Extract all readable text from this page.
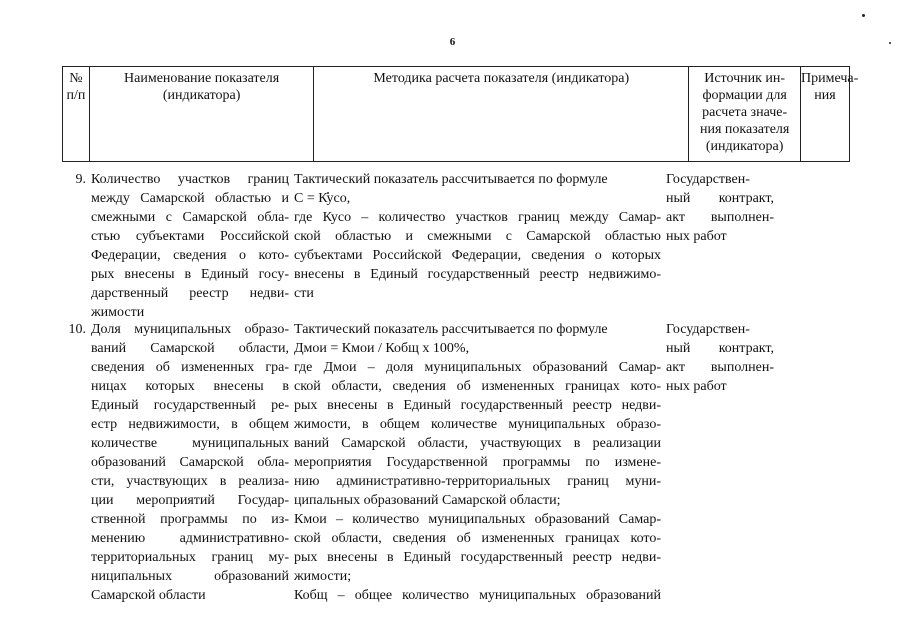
6
№
п/п
Наименование показателя
(индикатора)
Методика расчета показателя (индикатора)	Источник ин-
формации для
расчета значе-
ния показателя
(индикатора)
Примеча-
ния
9. Количество участков границ
между Самарской областью и
смежными с Самарской обла-
стью субъектами Российской
Федерации, сведения о кото-
рых внесены в Единый госу-
дарственный реестр недви-
жимости
Тактический показатель рассчитывается по формуле
С = Кусо,
где Кусо – количество участков границ между Самар-
ской областью и смежными с Самарской областью
субъектами Российской Федерации, сведения о которых
внесены в Единый государственный реестр недвижимо-
сти
Государствен-
ный контракт,
акт выполнен-
ных работ
10. Доля муниципальных образо-
ваний Самарской области,
сведения об измененных гра-
ницах которых внесены в
Единый государственный ре-
естр недвижимости, в общем
количестве муниципальных
образований Самарской обла-
сти, участвующих в реализа-
ции мероприятий Государ-
ственной программы по из-
менению административно-
территориальных границ му-
ниципальных образований
Самарской области
Тактический показатель рассчитывается по формуле
Дмои = Кмои / Кобщ х 100%,
где Дмои – доля муниципальных образований Самар-
ской области, сведения об измененных границах кото-
рых внесены в Единый государственный реестр недви-
жимости, в общем количестве муниципальных образо-
ваний Самарской области, участвующих в реализации
мероприятия Государственной программы по измене-
нию административно-территориальных границ муни-
ципальных образований Самарской области;
Кмои – количество муниципальных образований Самар-
ской области, сведения об измененных границах кото-
рых внесены в Единый государственный реестр недви-
жимости;
Кобщ – общее количество муниципальных образований
Государствен-
ный контракт,
акт выполнен-
ных работ
